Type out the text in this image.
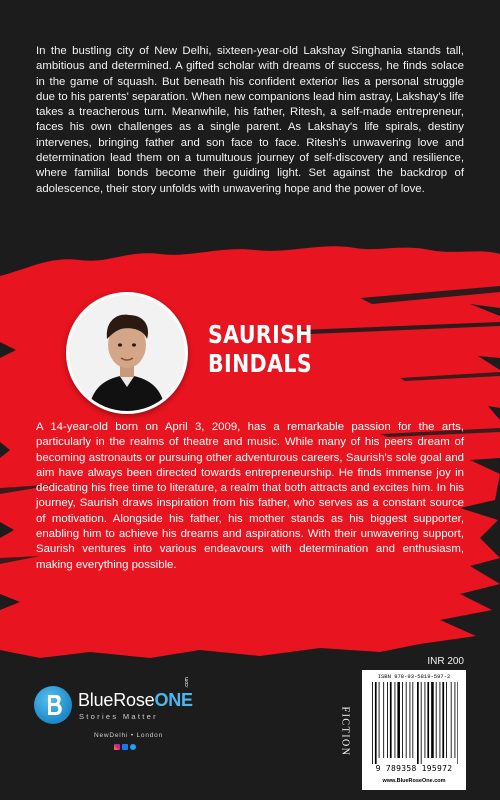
In the bustling city of New Delhi, sixteen-year-old Lakshay Singhania stands tall, ambitious and determined. A gifted scholar with dreams of success, he finds solace in the game of squash. But beneath his confident exterior lies a personal struggle due to his parents' separation. When new companions lead him astray, Lakshay's life takes a treacherous turn. Meanwhile, his father, Ritesh, a self-made entrepreneur, faces his own challenges as a single parent. As Lakshay's life spirals, destiny intervenes, bringing father and son face to face. Ritesh's unwavering love and determination lead them on a tumultuous journey of self-discovery and resilience, where familial bonds become their guiding light. Set against the backdrop of adolescence, their story unfolds with unwavering hope and the power of love.

SAURISH
BINDALS

A 14-year-old born on April 3, 2009, has a remarkable passion for the arts, particularly in the realms of theatre and music. While many of his peers dream of becoming astronauts or pursuing other adventurous careers, Saurish's sole goal and aim have always been directed towards entrepreneurship. He finds immense joy in dedicating his free time to literature, a realm that both attracts and excites him. In his journey, Saurish draws inspiration from his father, who serves as a constant source of motivation. Alongside his father, his mother stands as his biggest supporter, enabling him to achieve his dreams and aspirations. With their unwavering support, Saurish ventures into various endeavours with determination and enthusiasm, making everything possible.

INR 200
FICTION
ISBN 978-93-5819-597-2
9 789358 195972
www.BlueRoseOne.com
BlueRoseONE
.com
Stories Matter
NewDelhi • London
